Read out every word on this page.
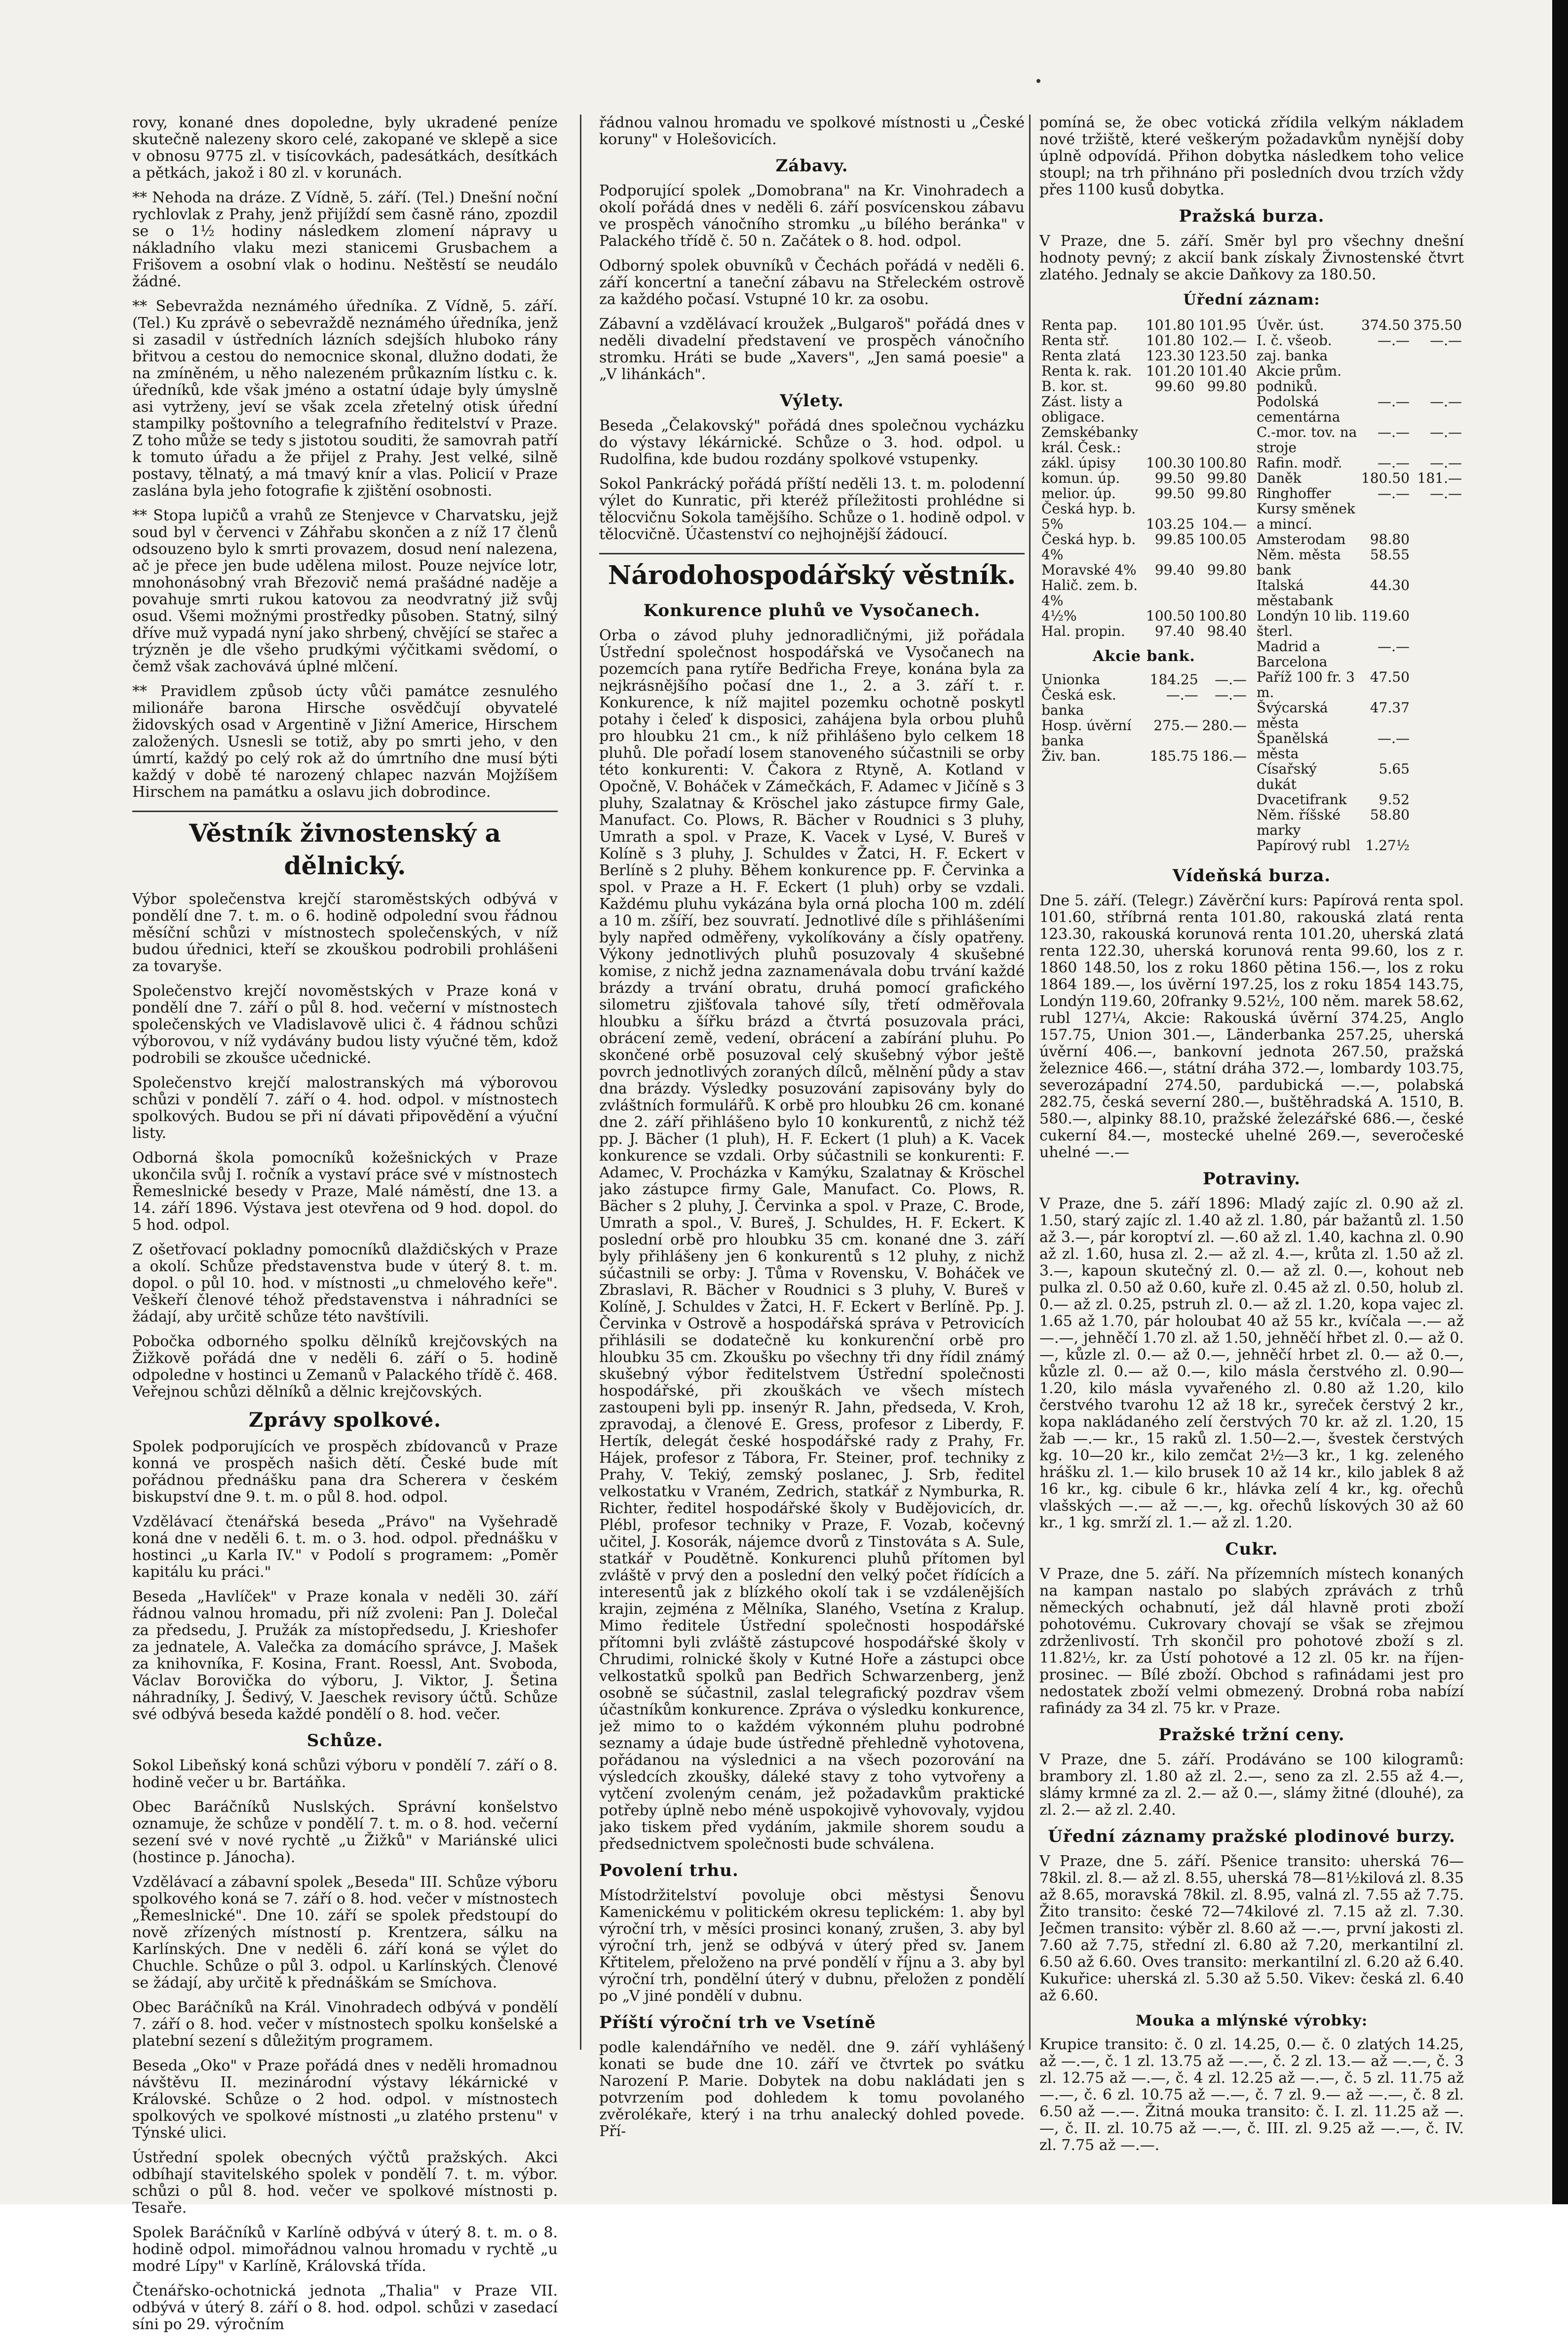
rovy, konané dnes dopoledne, byly ukradené peníze skutečně nalezeny skoro celé, zakopané ve sklepě a sice v obnosu 9775 zl. v tisícovkách, padesátkách, desítkách a pětkách, jakož i 80 zl. v korunách.

** Nehoda na dráze. Z Vídně, 5. září. (Tel.) Dnešní noční rychlovlak z Prahy, jenž přijíždí sem časně ráno, zpozdil se o 1½ hodiny následkem zlomení nápravy u nákladního vlaku mezi stanicemi Grusbachem a Frišovem a osobní vlak o hodinu. Neštěstí se neudálo žádné.

** Sebevražda neznámého úředníka. Z Vídně, 5. září. (Tel.) Ku zprávě o sebevraždě neznámého úředníka, jenž si zasadil v ústředních lázních sdejších hluboko rány břitvou a cestou do nemocnice skonal, dlužno dodati, že na zmíněném, u něho nalezeném průkazním lístku c. k. úředníků, kde však jméno a ostatní údaje byly úmyslně asi vytrženy, jeví se však zcela zřetelný otisk úřední stampilky poštovního a telegrafního ředitelství v Praze. Z toho může se tedy s jistotou souditi, že samovrah patří k tomuto úřadu a že přijel z Prahy. Jest velké, silně postavy, tělnatý, a má tmavý knír a vlas. Policií v Praze zaslána byla jeho fotografie k zjištění osobnosti.

** Stopa lupičů a vrahů ze Stenjevce v Charvatsku, jejž soud byl v červenci v Záhřabu skončen a z níž 17 členů odsouzeno bylo k smrti provazem, dosud není nalezena, ač je přece jen bude udělena milost. Pouze nejvíce lotr, mnohonásobný vrah Březovič nemá prašádné naděje a povahuje smrti rukou katovou za neodvratný již svůj osud. Všemi možnými prostředky působen. Statný, silný dříve muž vypadá nyní jako shrbený, chvějící se stařec a trýzněn je dle všeho prudkými výčitkami svědomí, o čemž však zachovává úplné mlčení.

** Pravidlem způsob úcty vůči památce zesnulého milionáře barona Hirsche osvědčují obyvatelé židovských osad v Argentině v Jižní Americe, Hirschem založených. Usnesli se totiž, aby po smrti jeho, v den úmrtí, každý po celý rok až do úmrtního dne musí býti každý v době té narozený chlapec nazván Mojžíšem Hirschem na památku a oslavu jich dobrodince.

Věstník živnostenský a dělnický.

Výbor společenstva krejčí staroměstských odbývá v pondělí dne 7. t. m. o 6. hodině odpolední svou řádnou měsíční schůzi v místnostech společenských, v níž budou úřednici, kteří se zkouškou podrobili prohlášeni za tovaryše.

Společenstvo krejčí novoměstských v Praze koná v pondělí dne 7. září o půl 8. hod. večerní v místnostech společenských ve Vladislavově ulici č. 4 řádnou schůzi výborovou, v níž vydávány budou listy výučné těm, kdož podrobili se zkoušce učednické.

Společenstvo krejčí malostranských má výborovou schůzi v pondělí 7. září o 4. hod. odpol. v místnostech spolkových. Budou se při ní dávati připovědění a výuční listy.

Odborná škola pomocníků kožešnických v Praze ukončila svůj I. ročník a vystaví práce své v místnostech Řemeslnické besedy v Praze, Malé náměstí, dne 13. a 14. září 1896. Výstava jest otevřena od 9 hod. dopol. do 5 hod. odpol.

Z ošetřovací pokladny pomocníků dlaždičských v Praze a okolí. Schůze představenstva bude v úterý 8. t. m. dopol. o půl 10. hod. v místnosti „u chmelového keře". Veškeří členové téhož představenstva i náhradníci se žádají, aby určitě schůze této navštívili.

Pobočka odborného spolku dělníků krejčovských na Žižkově pořádá dne v neděli 6. září o 5. hodině odpoledne v hostinci u Zemanů v Palackého třídě č. 468. Veřejnou schůzi dělníků a dělnic krejčovských.

Zprávy spolkové.

Spolek podporujících ve prospěch zbídovanců v Praze konná ve prospěch našich dětí. České bude mít pořádnou přednášku pana dra Scherera v českém biskupství dne 9. t. m. o půl 8. hod. odpol.

Vzdělávací čtenářská beseda „Právo" na Vyšehradě koná dne v neděli 6. t. m. o 3. hod. odpol. přednášku v hostinci „u Karla IV." v Podolí s programem: „Poměr kapitálu ku práci."

Beseda „Havlíček" v Praze konala v neděli 30. září řádnou valnou hromadu, při níž zvoleni: Pan J. Dolečal za předsedu, J. Pružák za místopředsedu, J. Krieshofer za jednatele, A. Valečka za domácího správce, J. Mašek za knihovníka, F. Kosina, Frant. Roessl, Ant. Svoboda, Václav Borovička do výboru, J. Viktor, J. Šetina náhradníky, J. Šedivý, V. Jaeschek revisory účtů. Schůze své odbývá beseda každé pondělí o 8. hod. večer.

Schůze.

Sokol Libeňský koná schůzi výboru v pondělí 7. září o 8. hodině večer u br. Bartáňka.

Obec Baráčníků Nuslských. Správní konšelstvo oznamuje, že schůze v pondělí 7. t. m. o 8. hod. večerní sezení své v nové rychtě „u Žižků" v Mariánské ulici (hostince p. Jánocha).

Vzdělávací a zábavní spolek „Beseda" III. Schůze výboru spolkového koná se 7. září o 8. hod. večer v místnostech „Řemeslnické". Dne 10. září se spolek předstoupí do nově zřízených místností p. Krentzera, sálku na Karlínských. Dne v neděli 6. září koná se výlet do Chuchle. Schůze o půl 3. odpol. u Karlínských. Členové se žádají, aby určitě k přednáškám se Smíchova.

Obec Baráčníků na Král. Vinohradech odbývá v pondělí 7. září o 8. hod. večer v místnostech spolku konšelské a platební sezení s důležitým programem.

Beseda „Oko" v Praze pořádá dnes v neděli hromadnou návštěvu II. mezinárodní výstavy lékárnické v Královské. Schůze o 2 hod. odpol. v místnostech spolkových ve spolkové místnosti „u zlatého prstenu" v Týnské ulici.

Ústřední spolek obecných výčtů pražských. Akci odbíhají stavitelského spolek v pondělí 7. t. m. výbor. schůzi o půl 8. hod. večer ve spolkové místnosti p. Tesaře.

Spolek Baráčníků v Karlíně odbývá v úterý 8. t. m. o 8. hodině odpol. mimořádnou valnou hromadu v rychtě „u modré Lípy" v Karlíně, Královská třída.

Čtenářsko-ochotnická jednota „Thalia" v Praze VII. odbývá v úterý 8. září o 8. hod. odpol. schůzi v zasedací síni po 29. výročním

řádnou valnou hromadu ve spolkové místnosti u „České koruny" v Holešovicích.

Zábavy.

Podporující spolek „Domobrana" na Kr. Vinohradech a okolí pořádá dnes v neděli 6. září posvícenskou zábavu ve prospěch vánočního stromku „u bílého beránka" v Palackého třídě č. 50 n. Začátek o 8. hod. odpol.

Odborný spolek obuvníků v Čechách pořádá v neděli 6. září koncertní a taneční zábavu na Střeleckém ostrově za každého počasí. Vstupné 10 kr. za osobu.

Zábavní a vzdělávací kroužek „Bulgaroš" pořádá dnes v neděli divadelní představení ve prospěch vánočního stromku. Hráti se bude „Xavers", „Jen samá poesie" a „V lihánkách".

Výlety.

Beseda „Čelakovský" pořádá dnes společnou vycházku do výstavy lékárnické. Schůze o 3. hod. odpol. u Rudolfina, kde budou rozdány spolkové vstupenky.

Sokol Pankrácký pořádá příští neděli 13. t. m. polodenní výlet do Kunratic, při kteréž příležitosti prohlédne si tělocvičnu Sokola tamějšího. Schůze o 1. hodině odpol. v tělocvičně. Účastenství co nejhojnější žádoucí.

Národohospodářský věstník.
Konkurence pluhů ve Vysočanech.

Orba o závod pluhy jednoradličnými, již pořádala Ústřední společnost hospodářská ve Vysočanech na pozemcích pana rytíře Bedřicha Freye, konána byla za nejkrásnějšího počasí dne 1., 2. a 3. září t. r. Konkurence, k níž majitel pozemku ochotně poskytl potahy i čeleď k disposici, zahájena byla orbou pluhů pro hloubku 21 cm., k níž přihlášeno bylo celkem 18 pluhů. Dle pořadí losem stanoveného súčastnili se orby této konkurenti: V. Čakora z Rtyně, A. Kotland v Opočně, V. Boháček v Zámečkách, F. Adamec v Jičíně s 3 pluhy, Szalatnay & Kröschel jako zástupce firmy Gale, Manufact. Co. Plows, R. Bächer v Roudnici s 3 pluhy, Umrath a spol. v Praze, K. Vacek v Lysé, V. Bureš v Kolíně s 3 pluhy, J. Schuldes v Žatci, H. F. Eckert v Berlíně s 2 pluhy. Během konkurence pp. F. Červinka a spol. v Praze a H. F. Eckert (1 pluh) orby se vzdali. Každému pluhu vykázána byla orná plocha 100 m. zdélí a 10 m. zšíří, bez souvratí. Jednotlivé díle s přihlášeními byly napřed odměřeny, vykolíkovány a čísly opatřeny. Výkony jednotlivých pluhů posuzovaly 4 skušebné komise, z nichž jedna zaznamenávala dobu trvání každé brázdy a trvání obratu, druhá pomocí grafického silometru zjišťovala tahové síly, třetí odměřovala hloubku a šířku brázd a čtvrtá posuzovala práci, obrácení země, vedení, obrácení a zabírání pluhu. Po skončené orbě posuzoval celý skušebný výbor ještě povrch jednotlivých zoraných dílců, mělnění půdy a stav dna brázdy. Výsledky posuzování zapisovány byly do zvláštních formulářů. K orbě pro hloubku 26 cm. konané dne 2. září přihlášeno bylo 10 konkurentů, z nichž též pp. J. Bächer (1 pluh), H. F. Eckert (1 pluh) a K. Vacek konkurence se vzdali. Orby súčastnili se konkurenti: F. Adamec, V. Procházka v Kamýku, Szalatnay & Kröschel jako zástupce firmy Gale, Manufact. Co. Plows, R. Bächer s 2 pluhy, J. Červinka a spol. v Praze, C. Brode, Umrath a spol., V. Bureš, J. Schuldes, H. F. Eckert. K poslední orbě pro hloubku 35 cm. konané dne 3. září byly přihlášeny jen 6 konkurentů s 12 pluhy, z nichž súčastnili se orby: J. Tůma v Rovensku, V. Boháček ve Zbraslavi, R. Bächer v Roudnici s 3 pluhy, V. Bureš v Kolíně, J. Schuldes v Žatci, H. F. Eckert v Berlíně. Pp. J. Červinka v Ostrově a hospodářská správa v Petrovicích přihlásili se dodatečně ku konkurenční orbě pro hloubku 35 cm. Zkoušku po všechny tři dny řídil známý skušebný výbor ředitelstvem Ústřední společnosti hospodářské, při zkouškách ve všech místech zastoupeni byli pp. insenýr R. Jahn, předseda, V. Kroh, zpravodaj, a členové E. Gress, profesor z Liberdy, F. Hertík, delegát české hospodářské rady z Prahy, Fr. Hájek, profesor z Tábora, Fr. Steiner, prof. techniky z Prahy, V. Tekiý, zemský poslanec, J. Srb, ředitel velkostatku v Vraném, Zedrich, statkář z Nymburka, R. Richter, ředitel hospodářské školy v Budějovicích, dr. Plébl, profesor techniky v Praze, F. Vozab, kočevný učitel, J. Kosorák, nájemce dvorů z Tinstováta s A. Sule, statkář v Poudětně. Konkurenci pluhů přítomen byl zvláště v prvý den a poslední den velký počet řídících a interesentů jak z blízkého okolí tak i se vzdálenějších krajin, zejména z Mělníka, Slaného, Vsetína z Kralup. Mimo ředitele Ústřední společnosti hospodářské přítomni byli zvláště zástupcové hospodářské školy v Chrudimi, rolnické školy v Kutné Hoře a zástupci obce velkostatků spolků pan Bedřich Schwarzenberg, jenž osobně se súčastnil, zaslal telegrafický pozdrav všem účastníkům konkurence. Zpráva o výsledku konkurence, jež mimo to o každém výkonném pluhu podrobné seznamy a údaje bude ústředně přehledně vyhotovena, pořádanou na výslednici a na všech pozorování na výsledcích zkoušky, dáleké stavy z toho vytvořeny a vytčení zvoleným cenám, jež požadavkům praktické potřeby úplně nebo méně uspokojivě vyhovovaly, vyjdou jako tiskem před vydáním, jakmile shorem soudu a předsednictvem společnosti bude schválena.

Povolení trhu.

Místodržitelství povoluje obci městysi Šenovu Kamenickému v politickém okresu teplickém: 1. aby byl výroční trh, v měsíci prosinci konaný, zrušen, 3. aby byl výroční trh, jenž se odbývá v úterý před sv. Janem Křtitelem, přeloženo na prvé pondělí v říjnu a 3. aby byl výroční trh, pondělní úterý v dubnu, přeložen z pondělí po „V jiné pondělí v dubnu.

Příští výroční trh ve Vsetíně

podle kalendářního ve neděl. dne 9. září vyhlášený konati se bude dne 10. září ve čtvrtek po svátku Narození P. Marie. Dobytek na dobu nakládati jen s potvrzením pod dohledem k tomu povolaného zvěrolékaře, který i na trhu analecký dohled povede. Pří-

pomíná se, že obec votická zřídila velkým nákladem nové tržiště, které veškerým požadavkům nynější doby úplně odpovídá. Přihon dobytka následkem toho velice stoupl; na trh přihnáno při posledních dvou trzích vždy přes 1100 kusů dobytka.

Pražská burza.

V Praze, dne 5. září. Směr byl pro všechny dnešní hodnoty pevný; z akcií bank získaly Živnostenské čtvrt zlatého. Jednaly se akcie Daňkovy za 180.50.

Úřední záznam:
Renta pap.	101.80	101.95
Renta stř.	101.80	102.—
Renta zlatá	123.30	123.50
Renta k. rak.	101.20	101.40
B. kor. st.	99.60	99.80
Zást. listy a obligace.		
Zemskébanky král. Česk.:		
zákl. úpisy	100.30	100.80
komun. úp.	99.50	99.80
melior. úp.	99.50	99.80
Česká hyp. b.		
5%	103.25	104.—
Česká hyp. b. 4%	99.85	100.05
Moravské 4%	99.40	99.80
Halič. zem. b. 4%		
4½%	100.50	100.80
Hal. propin.	97.40	98.40
Akcie bank.
Unionka	184.25	—.—
Česká esk. banka	—.—	—.—
Hosp. úvěrní banka	275.—	280.—
Živ. ban.	185.75	186.—
Úvěr. úst.	374.50	375.50
I. č. všeob. zaj. banka	—.—	—.—
Akcie prům. podniků.		
Podolská cementárna	—.—	—.—
C.-mor. tov. na stroje	—.—	—.—
Rafin. modř.	—.—	—.—
Daněk	180.50	181.—
Ringhoffer	—.—	—.—
Kursy směnek a mincí.		
Amsterodam	98.80	
Něm. města bank	58.55	
Italská městabank	44.30	
Londýn 10 lib. šterl.	119.60	
Madrid a Barcelona	—.—	
Paříž 100 fr. 3 m.	47.50	
Švýcarská města	47.37	
Španělská města	—.—	
Císařský dukát	5.65	
Dvacetifrank	9.52	
Něm. říšské marky	58.80	
Papírový rubl	1.27½	
Vídeňská burza.

Dne 5. září. (Telegr.) Závěrční kurs: Papírová renta spol. 101.60, stříbrná renta 101.80, rakouská zlatá renta 123.30, rakouská korunová renta 101.20, uherská zlatá renta 122.30, uherská korunová renta 99.60, los z r. 1860 148.50, los z roku 1860 pětina 156.—, los z roku 1864 189.—, los úvěrní 197.25, los z roku 1854 143.75, Londýn 119.60, 20franky 9.52½, 100 něm. marek 58.62, rubl 127¼, Akcie: Rakouská úvěrní 374.25, Anglo 157.75, Union 301.—, Länderbanka 257.25, uherská úvěrní 406.—, bankovní jednota 267.50, pražská železnice 466.—, státní dráha 372.—, lombardy 103.75, severozápadní 274.50, pardubická —.—, polabská 282.75, česká severní 280.—, buštěhradská A. 1510, B. 580.—, alpinky 88.10, pražské železářské 686.—, české cukerní 84.—, mostecké uhelné 269.—, severočeské uhelné —.—

Potraviny.

V Praze, dne 5. září 1896: Mladý zajíc zl. 0.90 až zl. 1.50, starý zajíc zl. 1.40 až zl. 1.80, pár bažantů zl. 1.50 až 3.—, pár koroptví zl. —.60 až zl. 1.40, kachna zl. 0.90 až zl. 1.60, husa zl. 2.— až zl. 4.—, krůta zl. 1.50 až zl. 3.—, kapoun skutečný zl. 0.— až zl. 0.—, kohout neb pulka zl. 0.50 až 0.60, kuře zl. 0.45 až zl. 0.50, holub zl. 0.— až zl. 0.25, pstruh zl. 0.— až zl. 1.20, kopa vajec zl. 1.65 až 1.70, pár holoubat 40 až 55 kr., kvíčala —.— až —.—, jehněčí 1.70 zl. až 1.50, jehněčí hřbet zl. 0.— až 0.—, kůzle zl. 0.— až 0.—, jehněčí hrbet zl. 0.— až 0.—, kůzle zl. 0.— až 0.—, kilo másla čerstvého zl. 0.90—1.20, kilo másla vyvařeného zl. 0.80 až 1.20, kilo čerstvého tvarohu 12 až 18 kr., syreček čerstvý 2 kr., kopa nakládaného zelí čerstvých 70 kr. až zl. 1.20, 15 žab —.— kr., 15 raků zl. 1.50—2.—, švestek čerstvých kg. 10—20 kr., kilo zemčat 2½—3 kr., 1 kg. zeleného hrášku zl. 1.— kilo brusek 10 až 14 kr., kilo jablek 8 až 16 kr., kg. cibule 6 kr., hlávka zelí 4 kr., kg. ořechů vlašských —.— až —.—, kg. ořechů lískových 30 až 60 kr., 1 kg. smrží zl. 1.— až zl. 1.20.

Cukr.

V Praze, dne 5. září. Na přízemních místech konaných na kampan nastalo po slabých zprávách z trhů německých ochabnutí, jež dál hlavně proti zboží pohotovému. Cukrovary chovají se však se zřejmou zdrženlivostí. Trh skončil pro pohotové zboží s zl. 11.82½, kr. za Ústí pohotové a 12 zl. 05 kr. na říjen-prosinec. — Bílé zboží. Obchod s rafinádami jest pro nedostatek zboží velmi obmezený. Drobná roba nabízí rafinády za 34 zl. 75 kr. v Praze.

Pražské tržní ceny.

V Praze, dne 5. září. Prodáváno se 100 kilogramů: brambory zl. 1.80 až zl. 2.—, seno za zl. 2.55 až 4.—, slámy krmné za zl. 2.— až 0.—, slámy žitné (dlouhé), za zl. 2.— až zl. 2.40.

Úřední záznamy pražské plodinové burzy.

V Praze, dne 5. září. Pšenice transito: uherská 76—78kil. zl. 8.— až zl. 8.55, uherská 78—81½kilová zl. 8.35 až 8.65, moravská 78kil. zl. 8.95, valná zl. 7.55 až 7.75. Žito transito: české 72—74kilové zl. 7.15 až zl. 7.30. Ječmen transito: výběr zl. 8.60 až —.—, první jakosti zl. 7.60 až 7.75, střední zl. 6.80 až 7.20, merkantilní zl. 6.50 až 6.60. Oves transito: merkantilní zl. 6.20 až 6.40. Kukuřice: uherská zl. 5.30 až 5.50. Vikev: česká zl. 6.40 až 6.60.

Mouka a mlýnské výrobky:

Krupice transito: č. 0 zl. 14.25, 0.— č. 0 zlatých 14.25, až —.—, č. 1 zl. 13.75 až —.—, č. 2 zl. 13.— až —.—, č. 3 zl. 12.75 až —.—, č. 4 zl. 12.25 až —.—, č. 5 zl. 11.75 až —.—, č. 6 zl. 10.75 až —.—, č. 7 zl. 9.— až —.—, č. 8 zl. 6.50 až —.—. Žitná mouka transito: č. I. zl. 11.25 až —.—, č. II. zl. 10.75 až —.—, č. III. zl. 9.25 až —.—, č. IV. zl. 7.75 až —.—.
